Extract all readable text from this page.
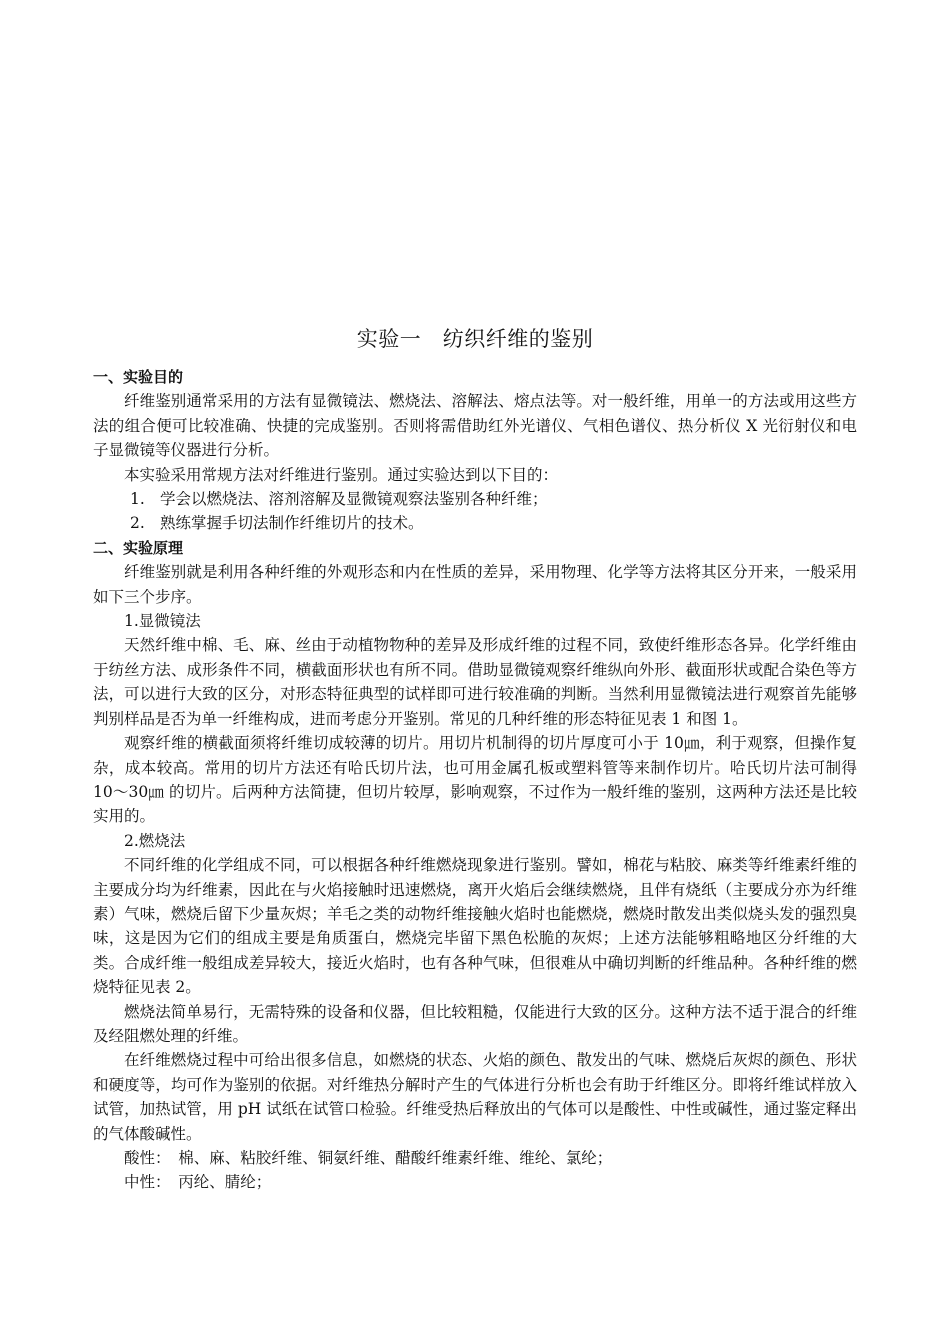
实验一　纺织纤维的鉴别

一、实验目的

纤维鉴别通常采用的方法有显微镜法、燃烧法、溶解法、熔点法等。对一般纤维，用单一的方法或用这些方法的组合便可比较准确、快捷的完成鉴别。否则将需借助红外光谱仪、气相色谱仪、热分析仪 X 光衍射仪和电子显微镜等仪器进行分析。

本实验采用常规方法对纤维进行鉴别。通过实验达到以下目的：

1. 学会以燃烧法、溶剂溶解及显微镜观察法鉴别各种纤维；

2. 熟练掌握手切法制作纤维切片的技术。

二、实验原理

纤维鉴别就是利用各种纤维的外观形态和内在性质的差异，采用物理、化学等方法将其区分开来，一般采用如下三个步序。

1.显微镜法

天然纤维中棉、毛、麻、丝由于动植物物种的差异及形成纤维的过程不同，致使纤维形态各异。化学纤维由于纺丝方法、成形条件不同，横截面形状也有所不同。借助显微镜观察纤维纵向外形、截面形状或配合染色等方法，可以进行大致的区分，对形态特征典型的试样即可进行较准确的判断。当然利用显微镜法进行观察首先能够判别样品是否为单一纤维构成，进而考虑分开鉴别。常见的几种纤维的形态特征见表 1 和图 1。

观察纤维的横截面须将纤维切成较薄的切片。用切片机制得的切片厚度可小于 10㎛，利于观察，但操作复杂，成本较高。常用的切片方法还有哈氏切片法，也可用金属孔板或塑料管等来制作切片。哈氏切片法可制得 10～30㎛ 的切片。后两种方法简捷，但切片较厚，影响观察，不过作为一般纤维的鉴别，这两种方法还是比较实用的。

2.燃烧法

不同纤维的化学组成不同，可以根据各种纤维燃烧现象进行鉴别。譬如，棉花与粘胶、麻类等纤维素纤维的主要成分均为纤维素，因此在与火焰接触时迅速燃烧，离开火焰后会继续燃烧，且伴有烧纸（主要成分亦为纤维素）气味，燃烧后留下少量灰烬；羊毛之类的动物纤维接触火焰时也能燃烧，燃烧时散发出类似烧头发的强烈臭味，这是因为它们的组成主要是角质蛋白，燃烧完毕留下黑色松脆的灰烬；上述方法能够粗略地区分纤维的大类。合成纤维一般组成差异较大，接近火焰时，也有各种气味，但很难从中确切判断的纤维品种。各种纤维的燃烧特征见表 2。

燃烧法简单易行，无需特殊的设备和仪器，但比较粗糙，仅能进行大致的区分。这种方法不适于混合的纤维及经阻燃处理的纤维。

在纤维燃烧过程中可给出很多信息，如燃烧的状态、火焰的颜色、散发出的气味、燃烧后灰烬的颜色、形状和硬度等，均可作为鉴别的依据。对纤维热分解时产生的气体进行分析也会有助于纤维区分。即将纤维试样放入试管，加热试管，用 pH 试纸在试管口检验。纤维受热后释放出的气体可以是酸性、中性或碱性，通过鉴定释出的气体酸碱性。

酸性：　棉、麻、粘胶纤维、铜氨纤维、醋酸纤维素纤维、维纶、氯纶；

中性：　丙纶、腈纶；
